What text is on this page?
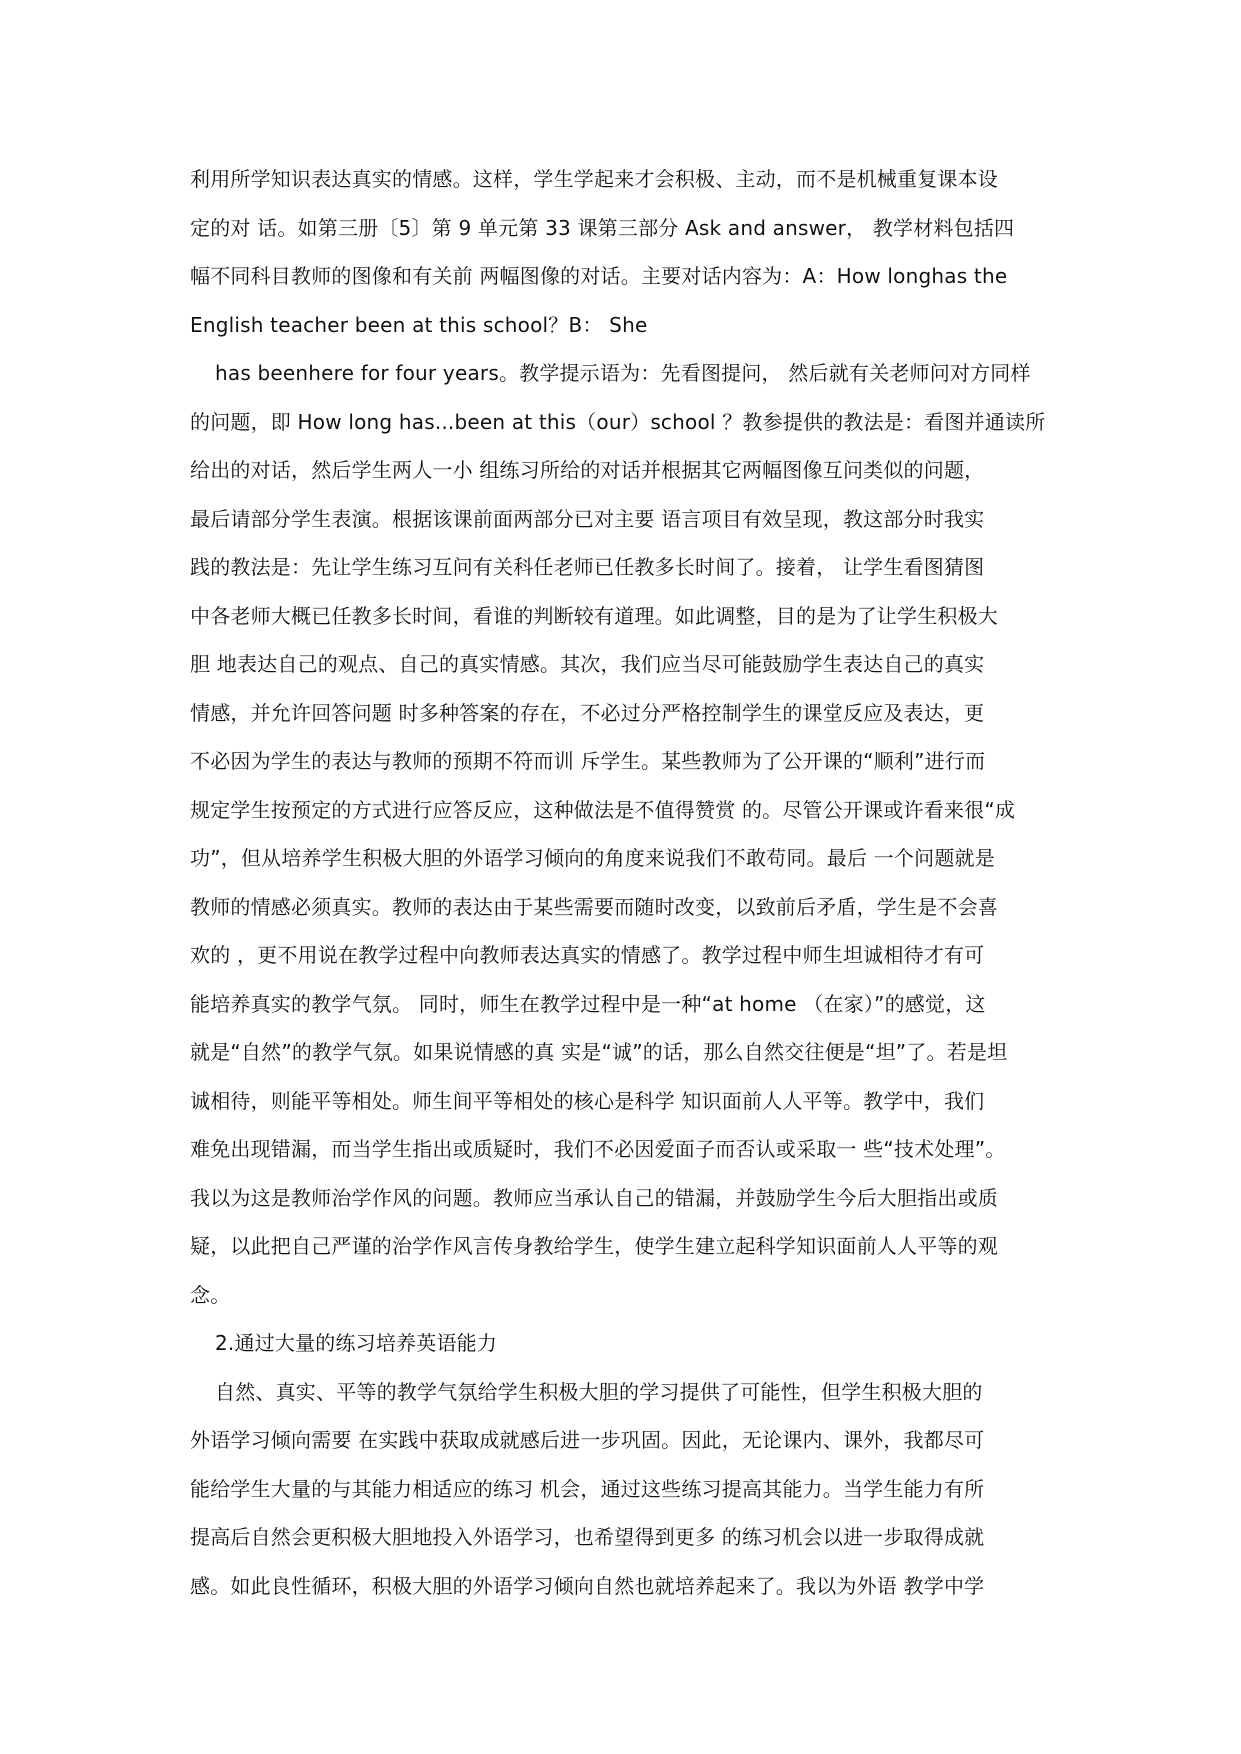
利用所学知识表达真实的情感。这样，学生学起来才会积极、主动，而不是机械重复课本设
定的对 话。如第三册〔5〕第 9 单元第 33 课第三部分 Ask and answer， 教学材料包括四
幅不同科目教师的图像和有关前 两幅图像的对话。主要对话内容为：A：How longhas the
English teacher been at this school？B： She
has beenhere for four years。教学提示语为：先看图提问， 然后就有关老师问对方同样
的问题，即 How long has...been at this（our）school ？教参提供的教法是：看图并通读所
给出的对话，然后学生两人一小 组练习所给的对话并根据其它两幅图像互问类似的问题，
最后请部分学生表演。根据该课前面两部分已对主要 语言项目有效呈现，教这部分时我实
践的教法是：先让学生练习互问有关科任老师已任教多长时间了。接着， 让学生看图猜图
中各老师大概已任教多长时间，看谁的判断较有道理。如此调整，目的是为了让学生积极大
胆 地表达自己的观点、自己的真实情感。其次，我们应当尽可能鼓励学生表达自己的真实
情感，并允许回答问题 时多种答案的存在，不必过分严格控制学生的课堂反应及表达，更
不必因为学生的表达与教师的预期不符而训 斥学生。某些教师为了公开课的“顺利”进行而
规定学生按预定的方式进行应答反应，这种做法是不值得赞赏 的。尽管公开课或许看来很“成
功”，但从培养学生积极大胆的外语学习倾向的角度来说我们不敢苟同。最后 一个问题就是
教师的情感必须真实。教师的表达由于某些需要而随时改变，以致前后矛盾，学生是不会喜
欢的 ，更不用说在教学过程中向教师表达真实的情感了。教学过程中师生坦诚相待才有可
能培养真实的教学气氛。 同时，师生在教学过程中是一种“at home （在家）”的感觉，这
就是“自然”的教学气氛。如果说情感的真 实是“诚”的话，那么自然交往便是“坦”了。若是坦
诚相待，则能平等相处。师生间平等相处的核心是科学 知识面前人人平等。教学中，我们
难免出现错漏，而当学生指出或质疑时，我们不必因爱面子而否认或采取一 些“技术处理”。
我以为这是教师治学作风的问题。教师应当承认自己的错漏，并鼓励学生今后大胆指出或质
疑，以此把自己严谨的治学作风言传身教给学生，使学生建立起科学知识面前人人平等的观
念。
2.通过大量的练习培养英语能力
自然、真实、平等的教学气氛给学生积极大胆的学习提供了可能性，但学生积极大胆的
外语学习倾向需要 在实践中获取成就感后进一步巩固。因此，无论课内、课外，我都尽可
能给学生大量的与其能力相适应的练习 机会，通过这些练习提高其能力。当学生能力有所
提高后自然会更积极大胆地投入外语学习，也希望得到更多 的练习机会以进一步取得成就
感。如此良性循环，积极大胆的外语学习倾向自然也就培养起来了。我以为外语 教学中学
